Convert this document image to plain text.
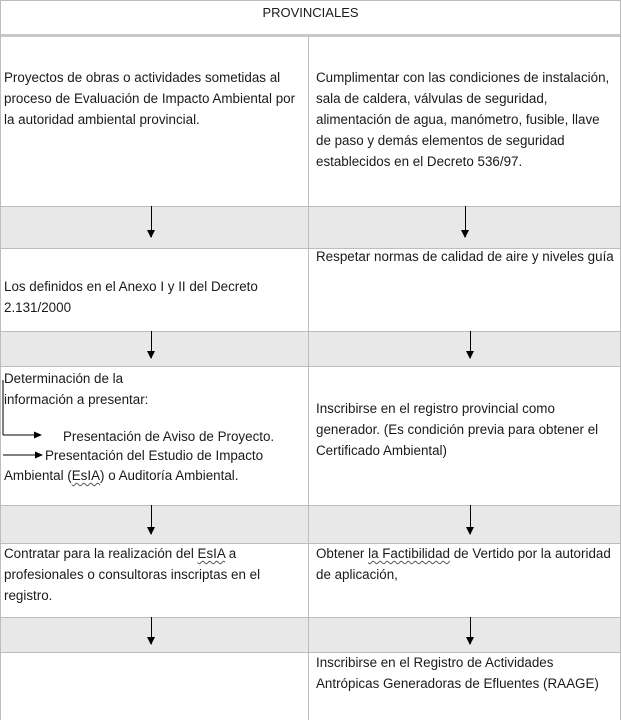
PROVINCIALES

Proyectos de obras o actividades sometidas al proceso de Evaluación de Impacto Ambiental por la autoridad ambiental provincial.

Los definidos en el Anexo I y II del Decreto 2.131/2000

Determinación de la
información a presentar:
Presentación de Aviso de Proyecto.
Presentación del Estudio de Impacto
Ambiental (EsIA) o Auditoría Ambiental.

Contratar para la realización del EsIA a profesionales o consultoras inscriptas en el registro.

Cumplimentar con las condiciones de instalación, sala de caldera, válvulas de seguridad, alimentación de agua, manómetro, fusible, llave de paso y demás elementos de seguridad establecidos en el Decreto 536/97.

Respetar normas de calidad de aire y niveles guía

Inscribirse en el registro provincial como generador. (Es condición previa para obtener el Certificado Ambiental)

Obtener la Factibilidad de Vertido por la autoridad de aplicación,

Inscribirse en el Registro de Actividades Antrópicas Generadoras de Efluentes (RAAGE)
